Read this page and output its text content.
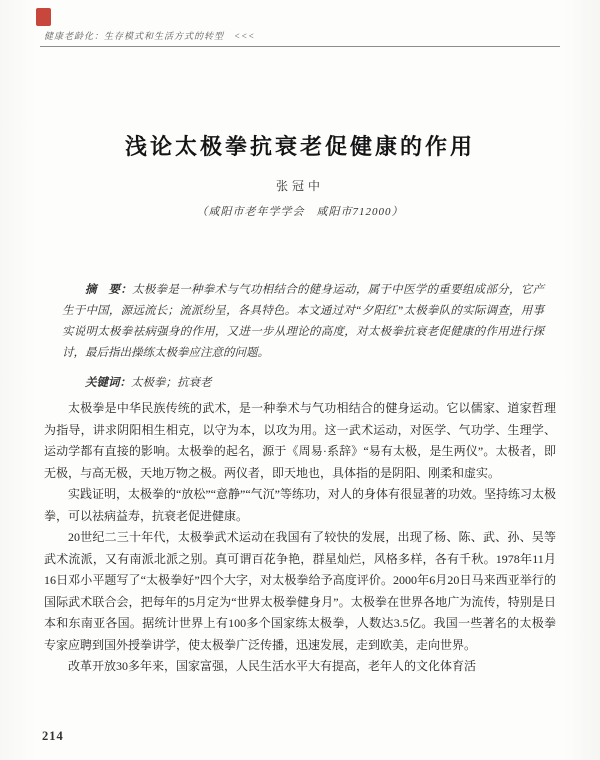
健康老龄化：生存模式和生活方式的转型　<<<
浅论太极拳抗衰老促健康的作用
张冠中
（咸阳市老年学学会　咸阳市712000）

摘　要：太极拳是一种拳术与气功相结合的健身运动，属于中医学的重要组成部分，它产生于中国，源远流长；流派纷呈，各具特色。本文通过对“夕阳红”太极拳队的实际调查，用事实说明太极拳祛病强身的作用，又进一步从理论的高度，对太极拳抗衰老促健康的作用进行探讨，最后指出操练太极拳应注意的问题。

关键词：太极拳；抗衰老

太极拳是中华民族传统的武术，是一种拳术与气功相结合的健身运动。它以儒家、道家哲理为指导，讲求阴阳相生相克，以守为本，以攻为用。这一武术运动，对医学、气功学、生理学、运动学都有直接的影响。太极拳的起名，源于《周易·系辞》“易有太极，是生两仪”。太极者，即无极，与高无极，天地万物之极。两仪者，即天地也，具体指的是阴阳、刚柔和虚实。

实践证明，太极拳的“放松”“意静”“气沉”等练功，对人的身体有很显著的功效。坚持练习太极拳，可以祛病益寿，抗衰老促进健康。

20世纪二三十年代，太极拳武术运动在我国有了较快的发展，出现了杨、陈、武、孙、吴等武术流派，又有南派北派之别。真可谓百花争艳，群星灿烂，风格多样，各有千秋。1978年11月16日邓小平题写了“太极拳好”四个大字，对太极拳给予高度评价。2000年6月20日马来西亚举行的国际武术联合会，把每年的5月定为“世界太极拳健身月”。太极拳在世界各地广为流传，特别是日本和东南亚各国。据统计世界上有100多个国家练太极拳，人数达3.5亿。我国一些著名的太极拳专家应聘到国外授拳讲学，使太极拳广泛传播，迅速发展，走到欧美，走向世界。

改革开放30多年来，国家富强，人民生活水平大有提高，老年人的文化体育活

214
